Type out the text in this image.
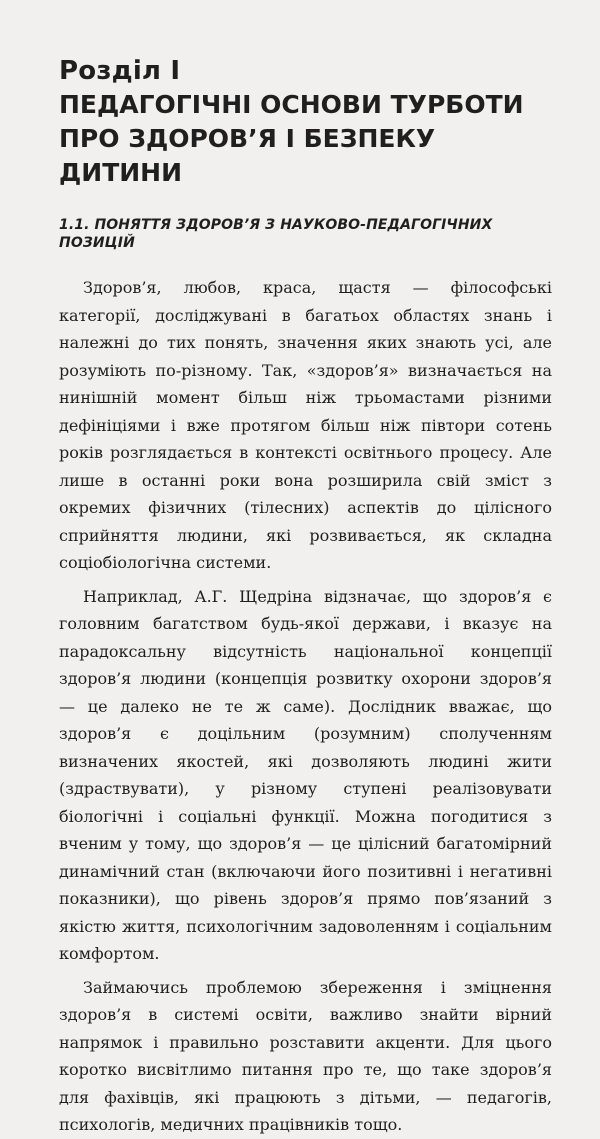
Розділ I
ПЕДАГОГІЧНІ ОСНОВИ ТУРБОТИ
ПРО ЗДОРОВ’Я І БЕЗПЕКУ ДИТИНИ
1.1. ПОНЯТТЯ ЗДОРОВ’Я З НАУКОВО-ПЕДАГОГІЧНИХ ПОЗИЦІЙ

Здоров’я, любов, краса, щастя — філософські категорії, досліджувані в багатьох областях знань і належні до тих понять, значення яких знають усі, але розуміють по-різному. Так, «здоров’я» визначається на нинішній момент більш ніж трьомастами різними дефініціями і вже протягом більш ніж півтори сотень років розглядається в контексті освітнього процесу. Але лише в останні роки вона розширила свій зміст з окремих фізичних (тілесних) аспектів до цілісного сприйняття людини, які розвивається, як складна соціобіологічна системи.

Наприклад, А.Г. Щедріна відзначає, що здоров’я є головним багатством будь-якої держави, і вказує на парадоксальну відсутність національної концепції здоров’я людини (концепція розвитку охорони здоров’я — це далеко не те ж саме). Дослідник вважає, що здоров’я є доцільним (розумним) сполученням визначених якостей, які дозволяють людині жити (здраствувати), у різному ступені реалізовувати біологічні і соціальні функції. Можна погодитися з вченим у тому, що здоров’я — це цілісний багатомірний динамічний стан (включаючи його позитивні і негативні показники), що рівень здоров’я прямо пов’язаний з якістю життя, психологічним задоволенням і соціальним комфортом.

Займаючись проблемою збереження і зміцнення здоров’я в системі освіти, важливо знайти вірний напрямок і правильно розставити акценти. Для цього коротко висвітлимо питання про те, що таке здоров’я для фахівців, які працюють з дітьми, — педагогів, психологів, медичних працівників тощо.
